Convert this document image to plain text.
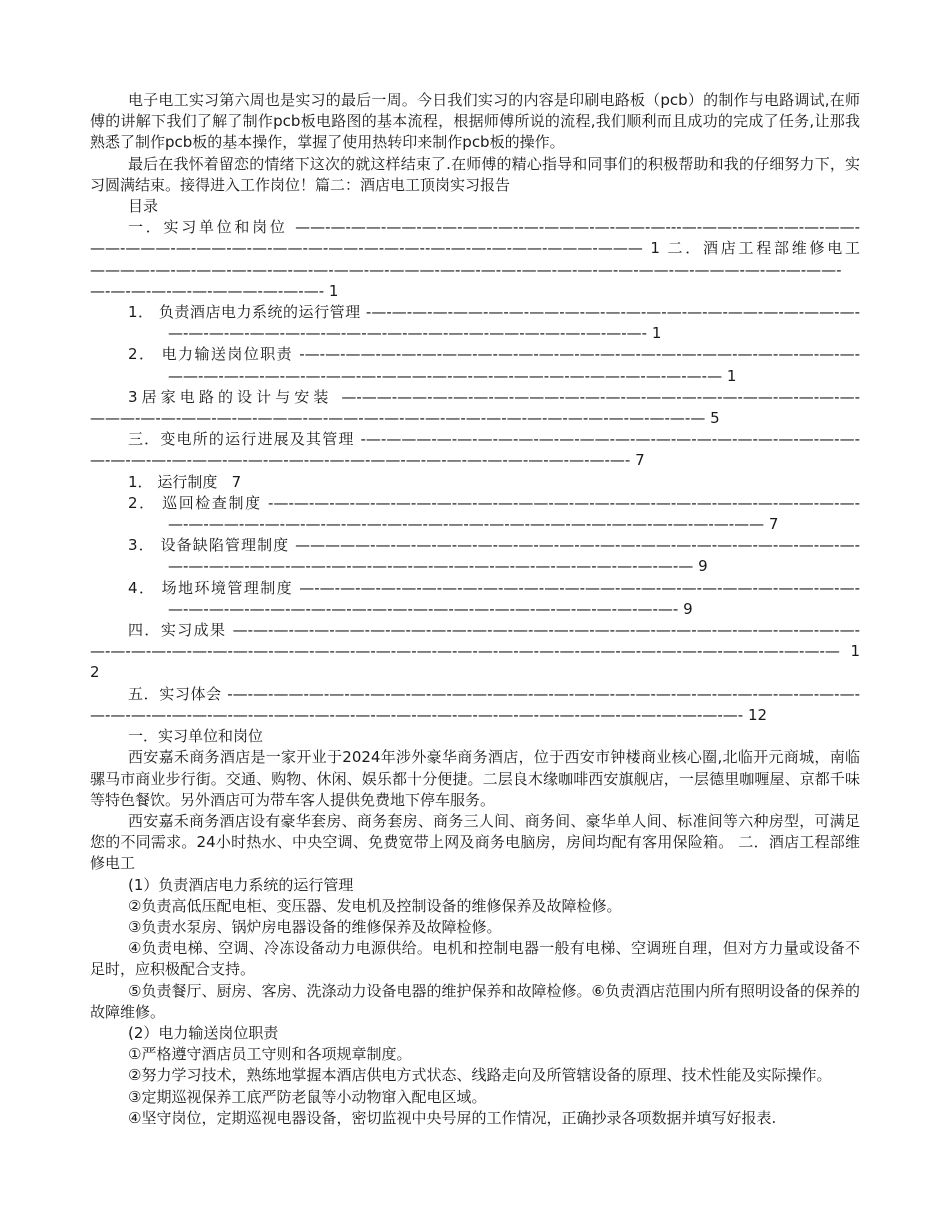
电子电工实习第六周也是实习的最后一周。今日我们实习的内容是印刷电路板（pcb）的制作与电路调试,在师傅的讲解下我们了解了制作pcb板电路图的基本流程，根据师傅所说的流程,我们顺利而且成功的完成了任务,让那我熟悉了制作pcb板的基本操作，掌握了使用热转印来制作pcb板的操作。

最后在我怀着留恋的情绪下这次的就这样结束了.在师傅的精心指导和同事们的积极帮助和我的仔细努力下，实习圆满结束。接得进入工作岗位！篇二：酒店电工顶岗实习报告

目录

一．实习单位和岗位 ——-—-——-——-—-—-——-—--—-———-—-——-—---—-——--—-—-—-—-——-——-———-—-——-—-—-——-—-——-—-—-—--—-—-—-—-——-———-——— 1 二．酒店工程部维修电工 ————-—-—-——-—-—-—-—-—-——-—-———-—-—-—-—-——-—-—-—-—-——-—-———-—-—-—-——-—-—-—-—-—-—-———-—-—-—- 1

1． 负责酒店电力系统的运行管理 -—-—-—-—-——-—-—-——-—-—-—-—-—-—-—-—-——-—-—-——-—-—-—-—-—-——-—-—-—-—-—-—-—-—-—-—-——-—-—-—-—-—-—- 1

2． 电力输送岗位职责 -—-—-——-—-—-—-——-—-—-—-—-—-—-—-—-—-—-—-——-—-—-—-—-—-—-——-—-—-—-—-—-—-——-—-———-—-—-—-—-——-—-—-——-—-—-—-—-— 1

3居家电路的设计与安装 —-——-——-—-—-—-—-———-—-—-—-—-——-—-—-—-——-—-—-—-—-———-—-—-——-—-—-———-—-——-—-—-—-—-—-—-—-—-—-—-—-—-—-—-—-—-— 5

三．变电所的运行进展及其管理 -—-———-—-—-—-—-—-—-—-——-—-—-—-—-—-—-—-—-—-—-—-—-—-—-—-—-—-——-—-—-—-—-—-—-—-——-—-—-—-—-—-—-—-—-—-—-—- 7

1． 运行制度 7

2． 巡回检查制度 -—-—-—-—-—-—-—-—-—-—-—-—-——-—-—-—-—-—-—-—-—-—-—-—-—-—-—-—-—-—-——-—-—-—-—-—-—-—-—-—-—-—-—-—-—-—-—-—-—-—-—-—-—-—-—-—— 7

3． 设备缺陷管理制度 —————-—-—-—-—-—-—-—-—-—-—-—-—-—-——-—-—-—-—-—-—-—-—-—-—-—-—-—-—-—-—-—-—-—-—-—-—-—-—-—-—-—-—-—-—-—-—-—-—-— 9

4． 场地环境管理制度 —-—-—-—-—-—-—-—-—-—-—-—-—-—-——-—-—-—-—-—-——-—-—-—-—-—-—-—-—-—-—-—-—-—-—-—-—-—-—-—-—-—-—-—-—-—-—-—-—-—-—- 9

四．实习成果 —-—-—-—-—-——-—-—-—-—-—-—-—-—-—-—-—-—-—-—-—-—-—-—-—-—-—-—-—-—-—-—-—-—-—-—-—-—-—-—-—-—-—-—-—-—-—-—-—-—-—-—-—-—-—-—-—-—-—-—-—-—-—-—-—-—-— 12

五．实习体会 -—-—-——-—-—-—-—-—-—-—-—-—-—-—-—-—-—-—-—-—-—-—-—-—-—-—-—-—-—-—-—-—-—-—-—-—-—-—-—-—-—-—-—-—-—-—-—-—-—-—-—-—-—-—-—-—-—-—-—-—-—-—- 12

一．实习单位和岗位

西安嘉禾商务酒店是一家开业于2024年涉外豪华商务酒店，位于西安市钟楼商业核心圈,北临开元商城，南临骡马市商业步行街。交通、购物、休闲、娱乐都十分便捷。二层良木缘咖啡西安旗舰店，一层德里咖喱屋、京都千味等特色餐饮。另外酒店可为带车客人提供免费地下停车服务。

西安嘉禾商务酒店设有豪华套房、商务套房、商务三人间、商务间、豪华单人间、标准间等六种房型，可满足您的不同需求。24小时热水、中央空调、免费宽带上网及商务电脑房，房间均配有客用保险箱。 二．酒店工程部维修电工

(1）负责酒店电力系统的运行管理

②负责高低压配电柜、变压器、发电机及控制设备的维修保养及故障检修。

③负责水泵房、锅炉房电器设备的维修保养及故障检修。

④负责电梯、空调、冷冻设备动力电源供给。电机和控制电器一般有电梯、空调班自理，但对方力量或设备不足时，应积极配合支持。

⑤负责餐厅、厨房、客房、洗涤动力设备电器的维护保养和故障检修。⑥负责酒店范围内所有照明设备的保养的故障维修。

(2）电力输送岗位职责

①严格遵守酒店员工守则和各项规章制度。

②努力学习技术，熟练地掌握本酒店供电方式状态、线路走向及所管辖设备的原理、技术性能及实际操作。

③定期巡视保养工底严防老鼠等小动物窜入配电区域。

④坚守岗位，定期巡视电器设备，密切监视中央号屏的工作情况，正确抄录各项数据并填写好报表.
